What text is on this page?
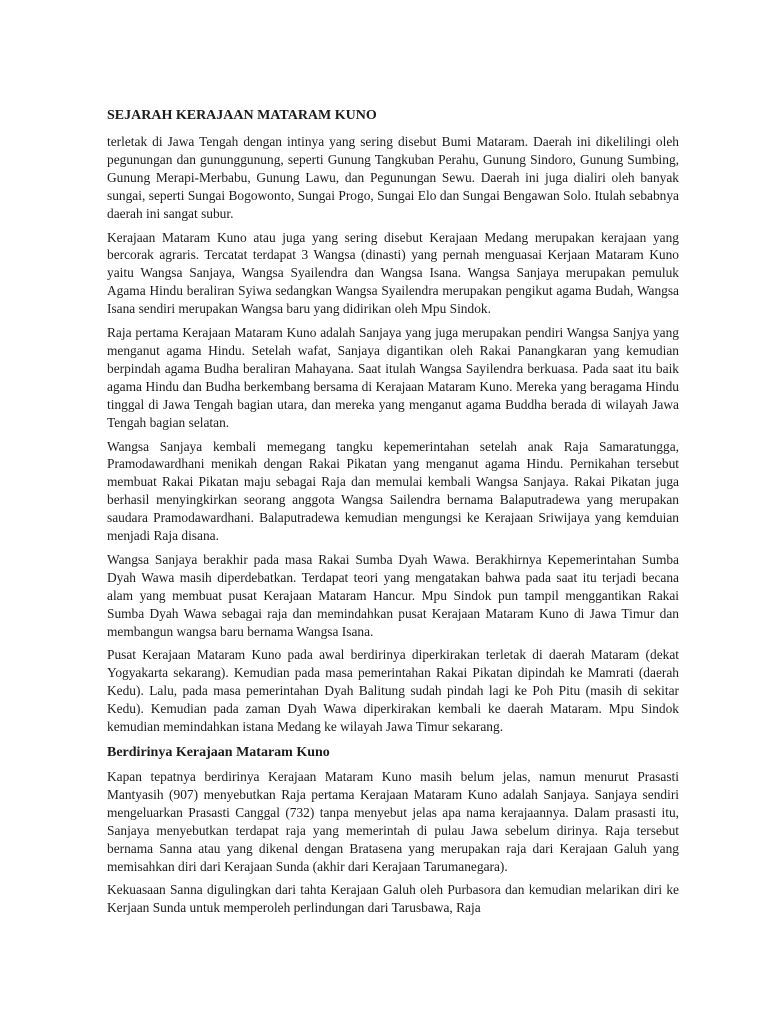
SEJARAH KERAJAAN MATARAM KUNO

terletak di Jawa Tengah dengan intinya yang sering disebut Bumi Mataram. Daerah ini dikelilingi oleh pegunungan dan gununggunung, seperti Gunung Tangkuban Perahu, Gunung Sindoro, Gunung Sumbing, Gunung Merapi-Merbabu, Gunung Lawu, dan Pegunungan Sewu. Daerah ini juga dialiri oleh banyak sungai, seperti Sungai Bogowonto, Sungai Progo, Sungai Elo dan Sungai Bengawan Solo. Itulah sebabnya daerah ini sangat subur.

Kerajaan Mataram Kuno atau juga yang sering disebut Kerajaan Medang merupakan kerajaan yang bercorak agraris. Tercatat terdapat 3 Wangsa (dinasti) yang pernah menguasai Kerjaan Mataram Kuno yaitu Wangsa Sanjaya, Wangsa Syailendra dan Wangsa Isana. Wangsa Sanjaya merupakan pemuluk Agama Hindu beraliran Syiwa sedangkan Wangsa Syailendra merupakan pengikut agama Budah, Wangsa Isana sendiri merupakan Wangsa baru yang didirikan oleh Mpu Sindok.

Raja pertama Kerajaan Mataram Kuno adalah Sanjaya yang juga merupakan pendiri Wangsa Sanjya yang menganut agama Hindu. Setelah wafat, Sanjaya digantikan oleh Rakai Panangkaran yang kemudian berpindah agama Budha beraliran Mahayana. Saat itulah Wangsa Sayilendra berkuasa. Pada saat itu baik agama Hindu dan Budha berkembang bersama di Kerajaan Mataram Kuno. Mereka yang beragama Hindu tinggal di Jawa Tengah bagian utara, dan mereka yang menganut agama Buddha berada di wilayah Jawa Tengah bagian selatan.

Wangsa Sanjaya kembali memegang tangku kepemerintahan setelah anak Raja Samaratungga, Pramodawardhani menikah dengan Rakai Pikatan yang menganut agama Hindu. Pernikahan tersebut membuat Rakai Pikatan maju sebagai Raja dan memulai kembali Wangsa Sanjaya. Rakai Pikatan juga berhasil menyingkirkan seorang anggota Wangsa Sailendra bernama Balaputradewa yang merupakan saudara Pramodawardhani. Balaputradewa kemudian mengungsi ke Kerajaan Sriwijaya yang kemduian menjadi Raja disana.

Wangsa Sanjaya berakhir pada masa Rakai Sumba Dyah Wawa. Berakhirnya Kepemerintahan Sumba Dyah Wawa masih diperdebatkan. Terdapat teori yang mengatakan bahwa pada saat itu terjadi becana alam yang membuat pusat Kerajaan Mataram Hancur. Mpu Sindok pun tampil menggantikan Rakai Sumba Dyah Wawa sebagai raja dan memindahkan pusat Kerajaan Mataram Kuno di Jawa Timur dan membangun wangsa baru bernama Wangsa Isana.

Pusat Kerajaan Mataram Kuno pada awal berdirinya diperkirakan terletak di daerah Mataram (dekat Yogyakarta sekarang). Kemudian pada masa pemerintahan Rakai Pikatan dipindah ke Mamrati (daerah Kedu). Lalu, pada masa pemerintahan Dyah Balitung sudah pindah lagi ke Poh Pitu (masih di sekitar Kedu). Kemudian pada zaman Dyah Wawa diperkirakan kembali ke daerah Mataram. Mpu Sindok kemudian memindahkan istana Medang ke wilayah Jawa Timur sekarang.

Berdirinya Kerajaan Mataram Kuno

Kapan tepatnya berdirinya Kerajaan Mataram Kuno masih belum jelas, namun menurut Prasasti Mantyasih (907) menyebutkan Raja pertama Kerajaan Mataram Kuno adalah Sanjaya. Sanjaya sendiri mengeluarkan Prasasti Canggal (732) tanpa menyebut jelas apa nama kerajaannya. Dalam prasasti itu, Sanjaya menyebutkan terdapat raja yang memerintah di pulau Jawa sebelum dirinya. Raja tersebut bernama Sanna atau yang dikenal dengan Bratasena yang merupakan raja dari Kerajaan Galuh yang memisahkan diri dari Kerajaan Sunda (akhir dari Kerajaan Tarumanegara).

Kekuasaan Sanna digulingkan dari tahta Kerajaan Galuh oleh Purbasora dan kemudian melarikan diri ke Kerjaan Sunda untuk memperoleh perlindungan dari Tarusbawa, Raja
